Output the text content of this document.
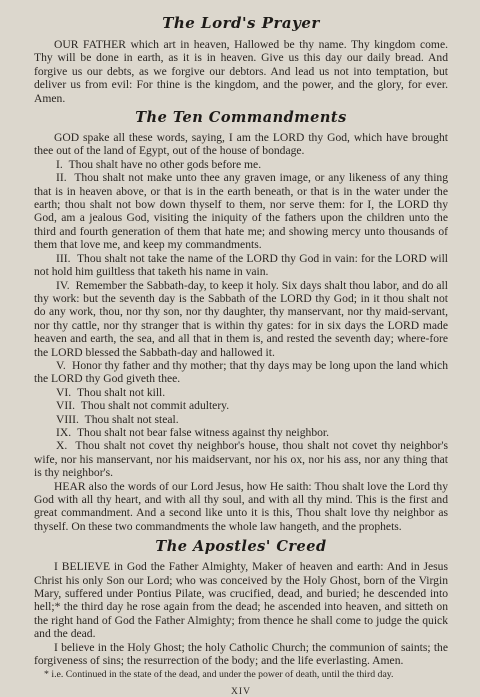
The Lord's Prayer

OUR FATHER which art in heaven, Hallowed be thy name. Thy kingdom come. Thy will be done in earth, as it is in heaven. Give us this day our daily bread. And forgive us our debts, as we forgive our debtors. And lead us not into temptation, but deliver us from evil: For thine is the kingdom, and the power, and the glory, for ever. Amen.

The Ten Commandments

GOD spake all these words, saying, I am the LORD thy God, which have brought thee out of the land of Egypt, out of the house of bondage.

I. Thou shalt have no other gods before me.

II. Thou shalt not make unto thee any graven image, or any likeness of any thing that is in heaven above, or that is in the earth beneath, or that is in the water under the earth; thou shalt not bow down thyself to them, nor serve them: for I, the LORD thy God, am a jealous God, visiting the iniquity of the fathers upon the children unto the third and fourth generation of them that hate me; and showing mercy unto thousands of them that love me, and keep my commandments.

III. Thou shalt not take the name of the LORD thy God in vain: for the LORD will not hold him guiltless that taketh his name in vain.

IV. Remember the Sabbath-day, to keep it holy. Six days shalt thou labor, and do all thy work: but the seventh day is the Sabbath of the LORD thy God; in it thou shalt not do any work, thou, nor thy son, nor thy daughter, thy manservant, nor thy maid-servant, nor thy cattle, nor thy stranger that is within thy gates: for in six days the LORD made heaven and earth, the sea, and all that in them is, and rested the seventh day; where-fore the LORD blessed the Sabbath-day and hallowed it.

V. Honor thy father and thy mother; that thy days may be long upon the land which the LORD thy God giveth thee.

VI. Thou shalt not kill.

VII. Thou shalt not commit adultery.

VIII. Thou shalt not steal.

IX. Thou shalt not bear false witness against thy neighbor.

X. Thou shalt not covet thy neighbor's house, thou shalt not covet thy neighbor's wife, nor his manservant, nor his maidservant, nor his ox, nor his ass, nor any thing that is thy neighbor's.

HEAR also the words of our Lord Jesus, how He saith: Thou shalt love the Lord thy God with all thy heart, and with all thy soul, and with all thy mind. This is the first and great commandment. And a second like unto it is this, Thou shalt love thy neighbor as thyself. On these two commandments the whole law hangeth, and the prophets.

The Apostles' Creed

I BELIEVE in God the Father Almighty, Maker of heaven and earth: And in Jesus Christ his only Son our Lord; who was conceived by the Holy Ghost, born of the Virgin Mary, suffered under Pontius Pilate, was crucified, dead, and buried; he descended into hell;* the third day he rose again from the dead; he ascended into heaven, and sitteth on the right hand of God the Father Almighty; from thence he shall come to judge the quick and the dead.

I believe in the Holy Ghost; the holy Catholic Church; the communion of saints; the forgiveness of sins; the resurrection of the body; and the life everlasting. Amen.

* i.e. Continued in the state of the dead, and under the power of death, until the third day.

XIV
